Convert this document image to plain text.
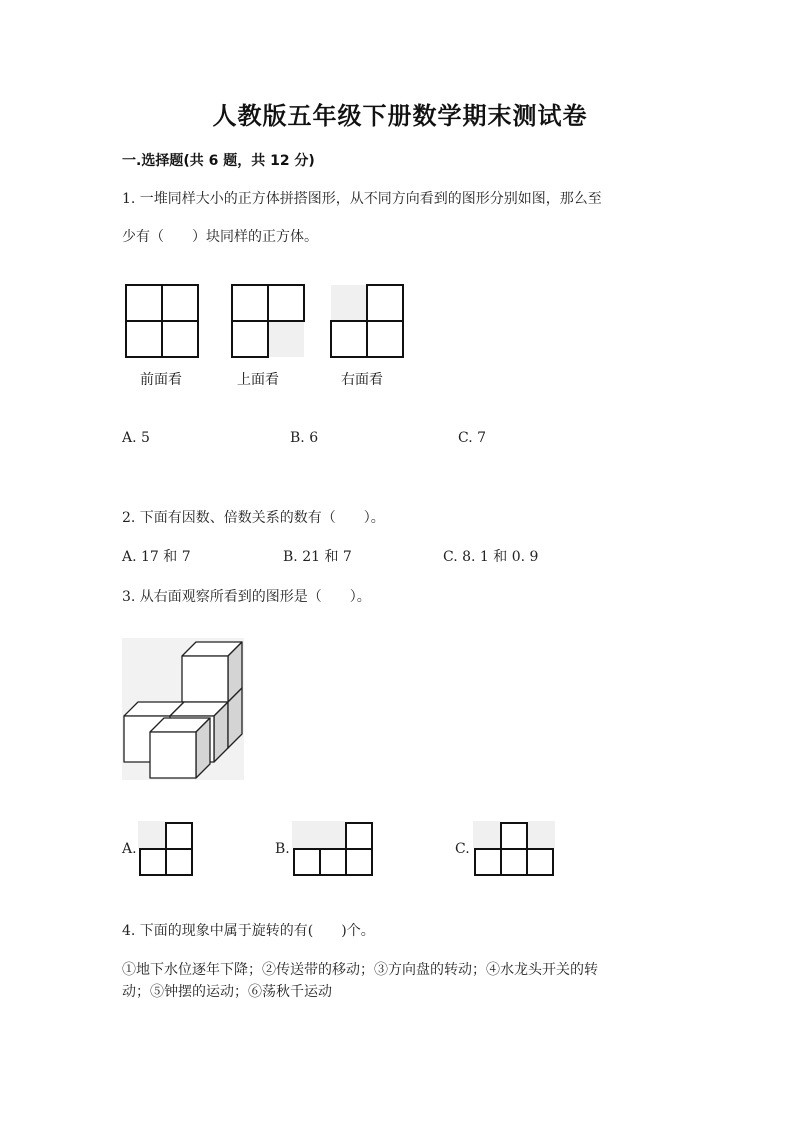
人教版五年级下册数学期末测试卷
一.选择题(共 6 题，共 12 分)
1. 一堆同样大小的正方体拼搭图形，从不同方向看到的图形分别如图，那么至
少有（　　）块同样的正方体。
前面看	上面看	右面看
A. 5	B. 6	C. 7
2. 下面有因数、倍数关系的数有（　　）。
A. 17 和 7	B. 21 和 7	C. 8. 1 和 0. 9
3. 从右面观察所看到的图形是（　　）。
A.	B.	C.
4. 下面的现象中属于旋转的有(　　)个。
①地下水位逐年下降；②传送带的移动；③方向盘的转动；④水龙头开关的转
动；⑤钟摆的运动；⑥荡秋千运动
